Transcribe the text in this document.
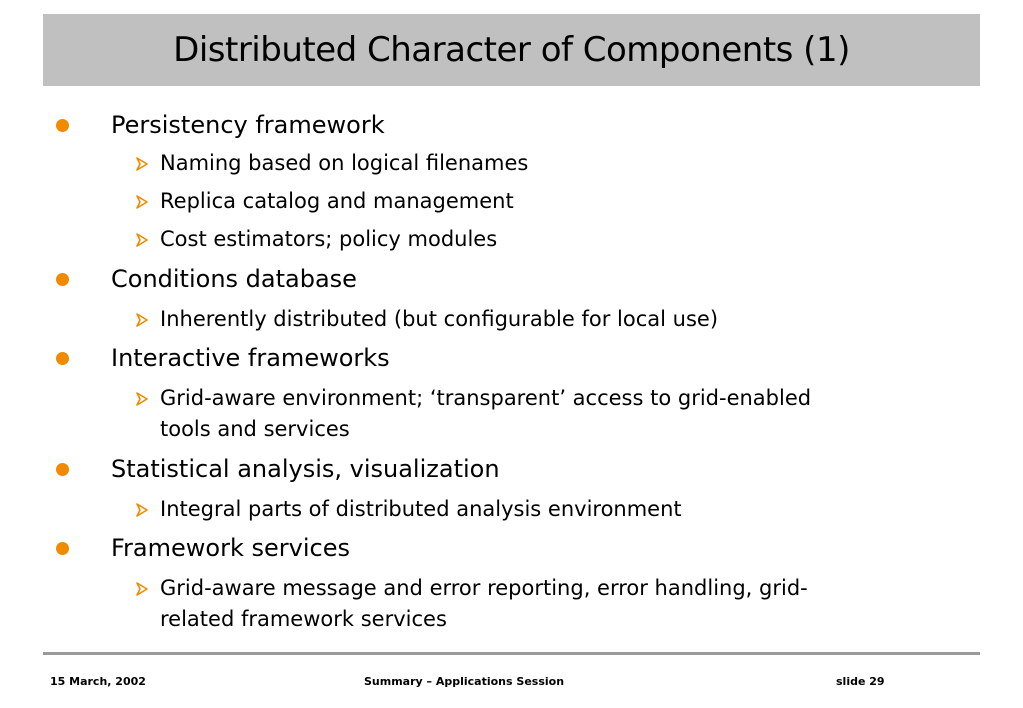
Distributed Character of Components (1)
Persistency framework
Naming based on logical filenames
Replica catalog and management
Cost estimators; policy modules
Conditions database
Inherently distributed (but configurable for local use)
Interactive frameworks
Grid-aware environment; ‘transparent’ access to grid-enabled
tools and services
Statistical analysis, visualization
Integral parts of distributed analysis environment
Framework services
Grid-aware message and error reporting, error handling, grid-
related framework services
15 March, 2002	Summary – Applications Session	slide 29
